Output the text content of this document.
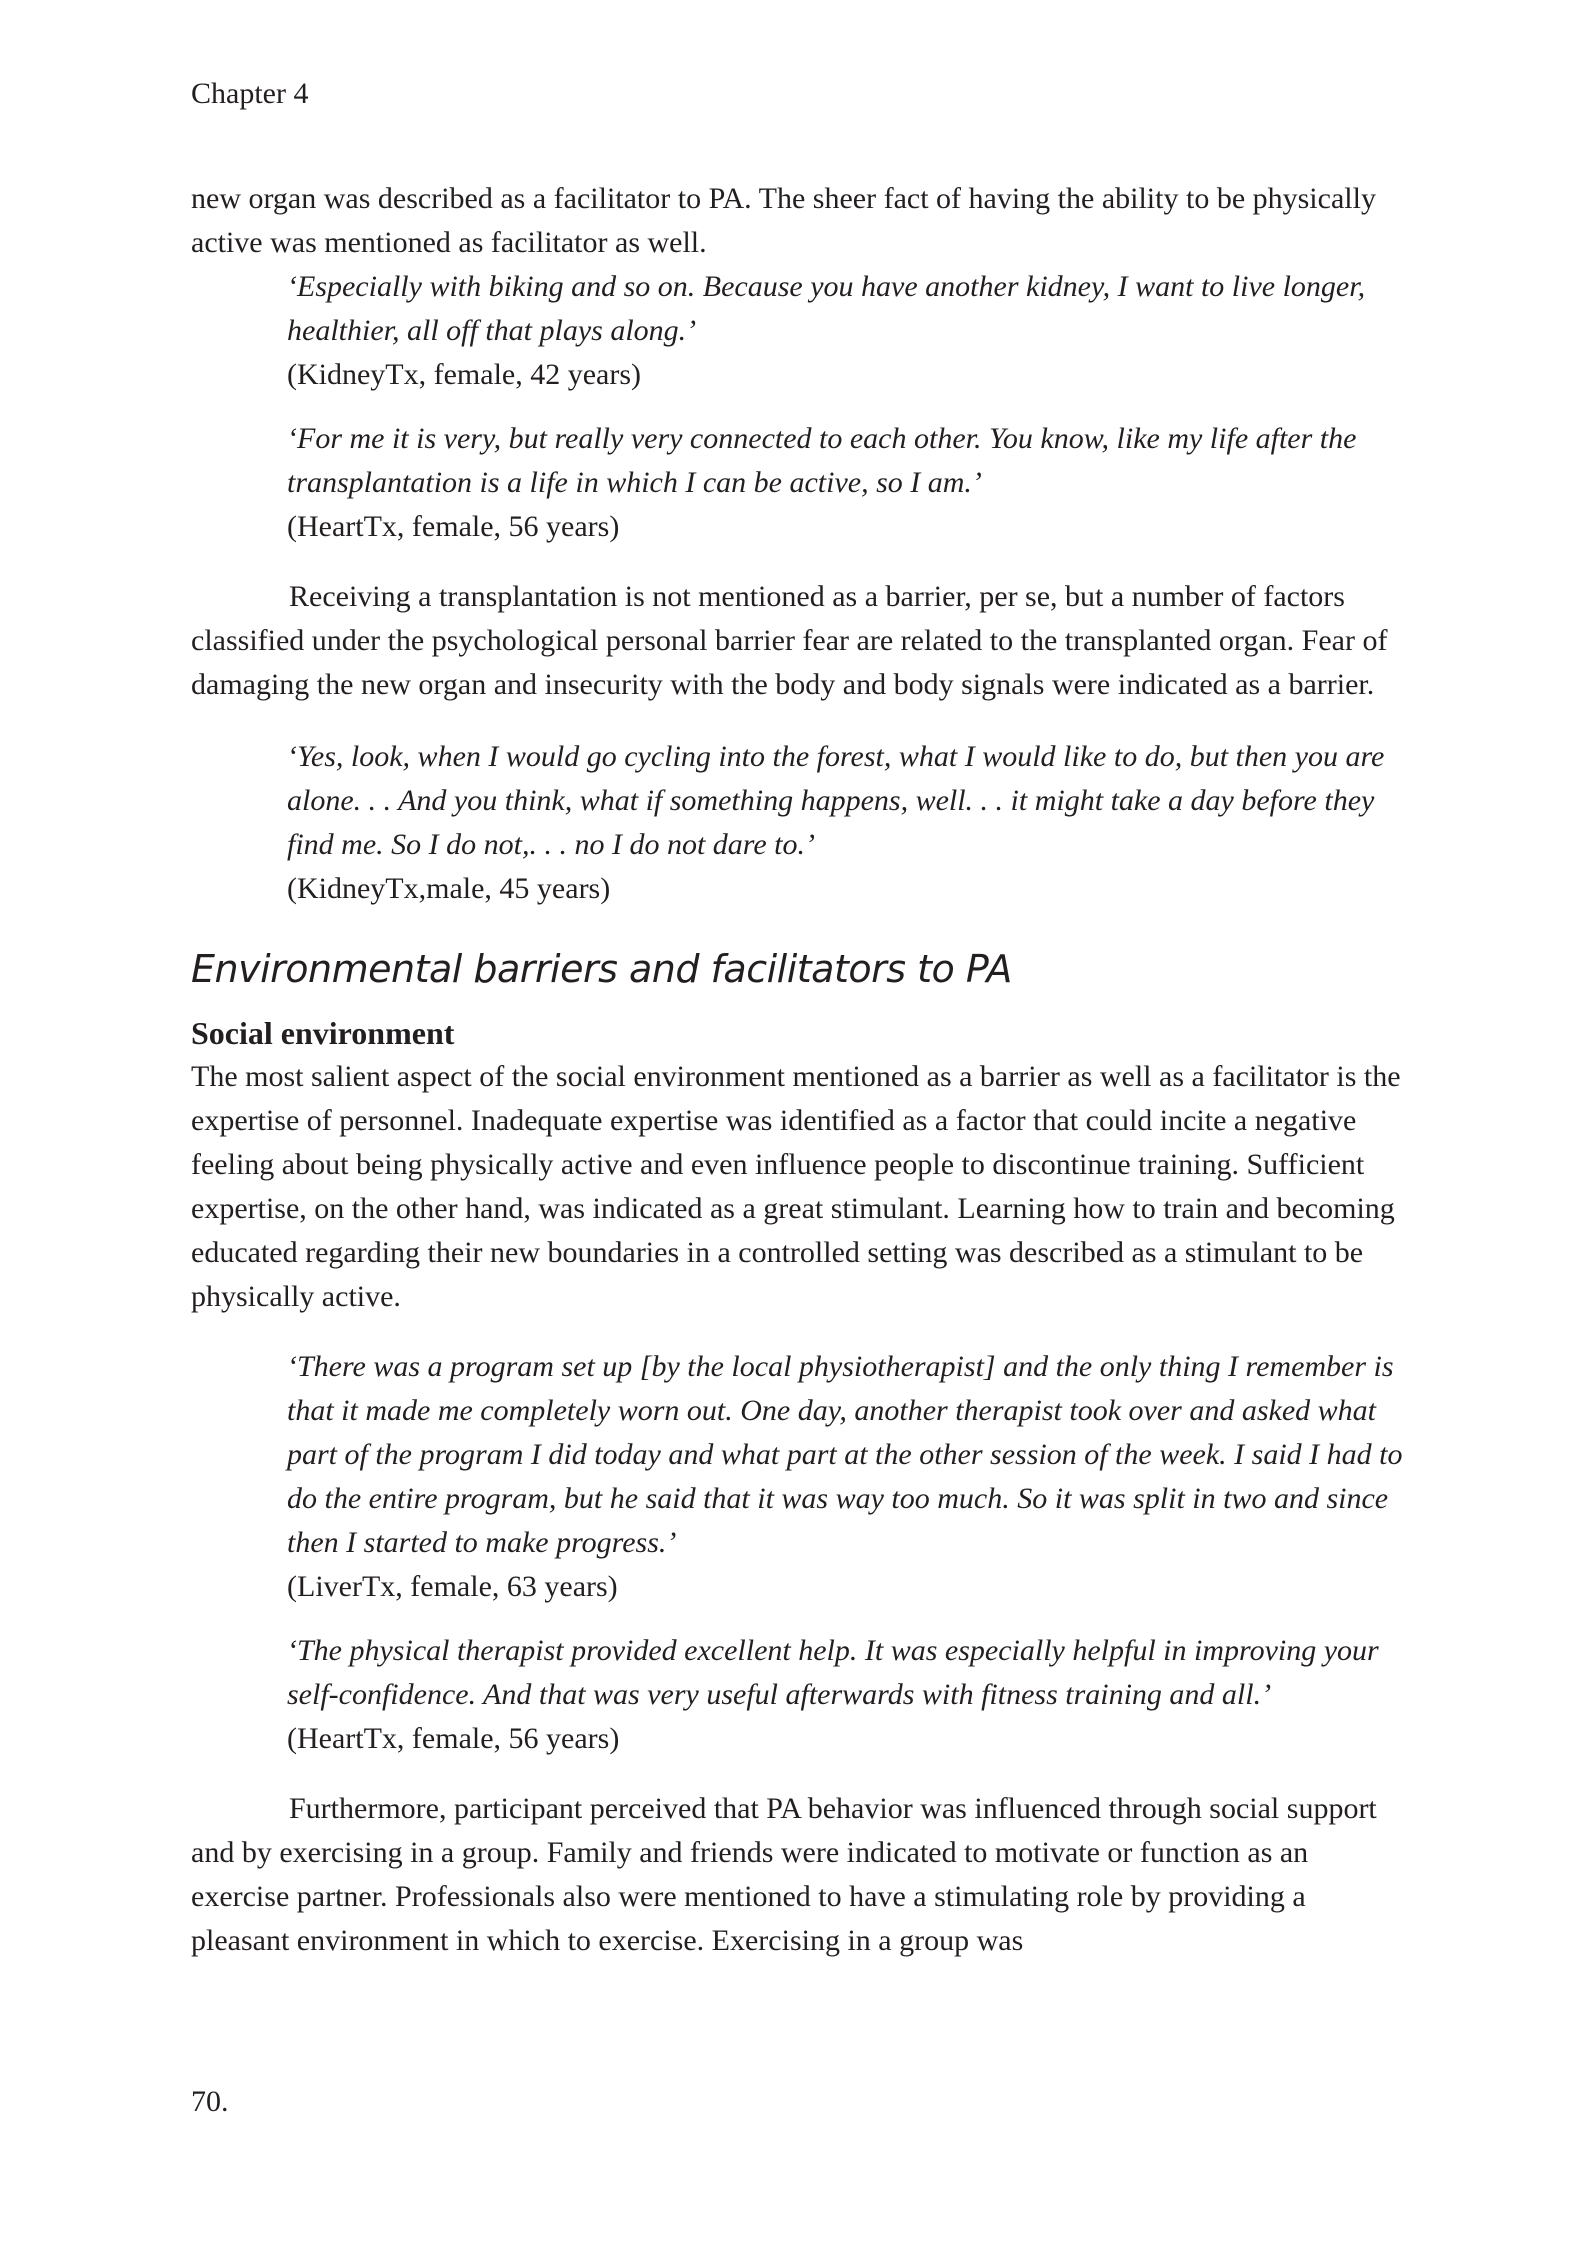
Chapter 4

new organ was described as a facilitator to PA. The sheer fact of having the ability to be physically active was mentioned as facilitator as well.

‘Especially with biking and so on. Because you have another kidney, I want to live longer, healthier, all off that plays along.’
(KidneyTx, female, 42 years)
‘For me it is very, but really very connected to each other. You know, like my life after the transplantation is a life in which I can be active, so I am.’
(HeartTx, female, 56 years)

Receiving a transplantation is not mentioned as a barrier, per se, but a number of factors classified under the psychological personal barrier fear are related to the transplanted organ. Fear of damaging the new organ and insecurity with the body and body signals were indicated as a barrier.

‘Yes, look, when I would go cycling into the forest, what I would like to do, but then you are alone. . . And you think, what if something happens, well. . . it might take a day before they find me. So I do not,. . . no I do not dare to.’
(KidneyTx,male, 45 years)
Environmental barriers and facilitators to PA
Social environment

The most salient aspect of the social environment mentioned as a barrier as well as a facilitator is the expertise of personnel. Inadequate expertise was identified as a factor that could incite a negative feeling about being physically active and even influence people to discontinue training. Sufficient expertise, on the other hand, was indicated as a great stimulant. Learning how to train and becoming educated regarding their new boundaries in a controlled setting was described as a stimulant to be physically active.

‘There was a program set up [by the local physiotherapist] and the only thing I remember is that it made me completely worn out. One day, another therapist took over and asked what part of the program I did today and what part at the other session of the week. I said I had to do the entire program, but he said that it was way too much. So it was split in two and since then I started to make progress.’
(LiverTx, female, 63 years)
‘The physical therapist provided excellent help. It was especially helpful in improving your self-confidence. And that was very useful afterwards with fitness training and all.’
(HeartTx, female, 56 years)

Furthermore, participant perceived that PA behavior was influenced through social support and by exercising in a group. Family and friends were indicated to motivate or function as an exercise partner. Professionals also were mentioned to have a stimulating role by providing a pleasant environment in which to exercise. Exercising in a group was

70.
